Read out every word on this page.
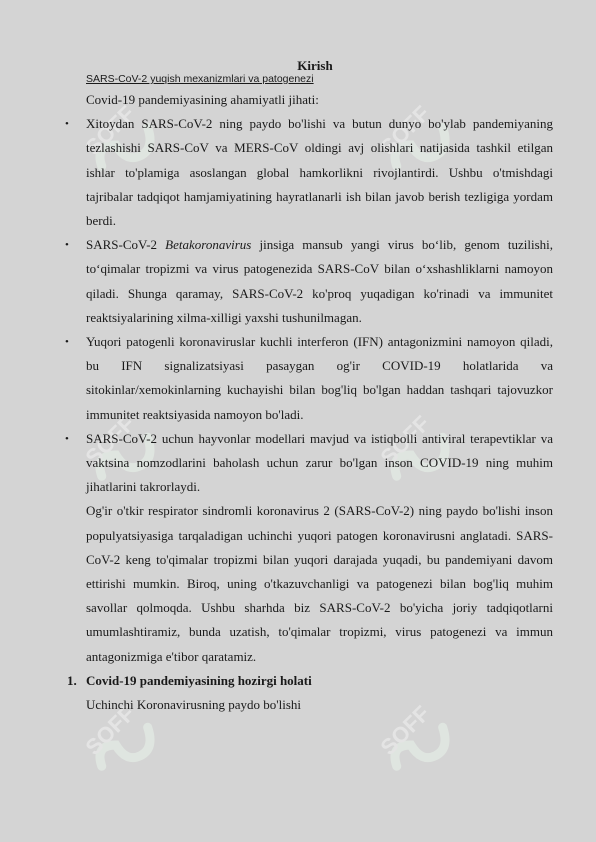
SOFF	SOFF
SOFF	SOFF
SOFF	SOFF
Kirish
SARS-CoV-2 yuqish mexanizmlari va patogenezi

Covid-19 pandemiyasining ahamiyatli jihati:

• Xitoydan SARS-CoV-2 ning paydo bo'lishi va butun dunyo bo'ylab pandemiyaning tezlashishi SARS-CoV va MERS-CoV oldingi avj olishlari natijasida tashkil etilgan ishlar to'plamiga asoslangan global hamkorlikni rivojlantirdi. Ushbu o'tmishdagi tajribalar tadqiqot hamjamiyatining hayratlanarli ish bilan javob berish tezligiga yordam berdi.
• SARS-CoV-2 Betakoronavirus jinsiga mansub yangi virus bo‘lib, genom tuzilishi, to‘qimalar tropizmi va virus patogenezida SARS-CoV bilan o‘xshashliklarni namoyon qiladi. Shunga qaramay, SARS-CoV-2 ko'proq yuqadigan ko'rinadi va immunitet reaktsiyalarining xilma-xilligi yaxshi tushunilmagan.
• Yuqori patogenli koronaviruslar kuchli interferon (IFN) antagonizmini namoyon qiladi, bu IFN signalizatsiyasi pasaygan og'ir COVID-19 holatlarida va sitokinlar/xemokinlarning kuchayishi bilan bog'liq bo'lgan haddan tashqari tajovuzkor immunitet reaktsiyasida namoyon bo'ladi.
• SARS-CoV-2 uchun hayvonlar modellari mavjud va istiqbolli antiviral terapevtiklar va vaktsina nomzodlarini baholash uchun zarur bo'lgan inson COVID-19 ning muhim jihatlarini takrorlaydi.

Og'ir o'tkir respirator sindromli koronavirus 2 (SARS-CoV-2) ning paydo bo'lishi inson populyatsiyasiga tarqaladigan uchinchi yuqori patogen koronavirusni anglatadi. SARS-CoV-2 keng to'qimalar tropizmi bilan yuqori darajada yuqadi, bu pandemiyani davom ettirishi mumkin. Biroq, uning o'tkazuvchanligi va patogenezi bilan bog'liq muhim savollar qolmoqda. Ushbu sharhda biz SARS-CoV-2 bo'yicha joriy tadqiqotlarni umumlashtiramiz, bunda uzatish, to'qimalar tropizmi, virus patogenezi va immun antagonizmiga e'tibor qaratamiz.

1. Covid-19 pandemiyasining hozirgi holati

Uchinchi Koronavirusning paydo bo'lishi
